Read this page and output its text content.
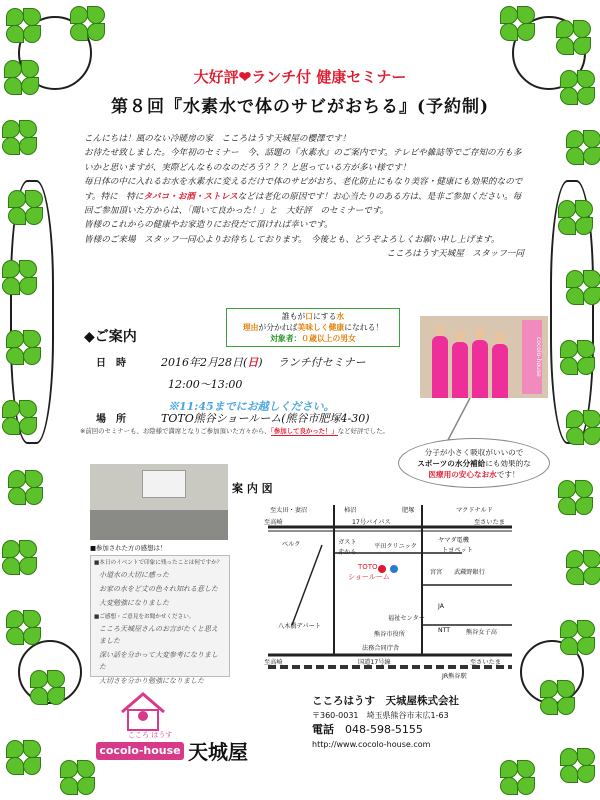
大好評❤ランチ付 健康セミナー
第８回『水素水で体のサビがおちる』(予約制)

こんにちは！風のない冷暖房の家　こころはうす天城屋の櫻澤です！

お待たせ致しました。今年初のセミナー　今、話題の『水素水』のご案内です。テレビや雑誌等でご存知の方も多いかと思いますが、実際どんなものなのだろう？？？と思っている方が多い様です！

毎日体の中に入れるお水を水素水に変えるだけで体のサビがおち、老化防止にもなり美容・健康にも効果的なのです。特に　特にタバコ・お酒・ストレスなどは老化の原因です！お心当たりのある方は、是非ご参加ください。毎回ご参加頂いた方からは、「聞いて良かった！」と　大好評　のセミナーです。

皆様のこれからの健康やお家造りにお役だて頂ければ幸いです。

皆様のご来場　スタッフ一同心よりお待ちしております。　今後とも、どうぞよろしくお願い申し上げます。

こころはうす天城屋　スタッフ一同

誰もが口にする水
理由が分かれば美味しく健康になれる！
対象者：０歳以上の男女
◆ご案内
日　時	2016年2月28日(日) ランチ付セミナー
12:00～13:00
※11:45までにお越しください。
場　所	TOTO熊谷ショールーム(熊谷市肥塚4-30)
※前回のセミナーも、お陰様で満席となりご参加頂いた方々から、「参加して良かった！」など好評でした。
cocolo-house
分子が小さく吸収がいいので
スポーツの水分補給にも効果的な
医療用の安心なお水です！
■参加された方の感想は！
■本日のイベントで印象に残ったことは何ですか？
小道水の大切に感った
お家の水をど丈の色々れ知れる意した
大変勉強になりました
■ご感想・ご意見をお聞かせください。
こころ天城屋さんのお言がたくと思えました
深い話を分かって大変参考になりました
大切さを分かり勉強になりました
案 内 図
至太田・妻沼	柿沼	肥塚	マクドナルド
至高崎	17号バイパス	至さいたま
ベルク	ガスト
赤から
平田クリニック
ヤマダ電機
トヨペット
TOTO
ショールーム
宮宮 武蔵野銀行
八木橋デパート
JA
福祉センター
NTT
熊谷市役所	熊谷女子高
法務合同庁舎
至高崎	国道17号線	至さいたま
JR熊谷駅
こころ はうす
cocolo-house 天城屋
こころはうす　天城屋株式会社
〒360-0031　埼玉県熊谷市末広1-63
電話　 048-598-5155
http://www.cocolo-house.com
